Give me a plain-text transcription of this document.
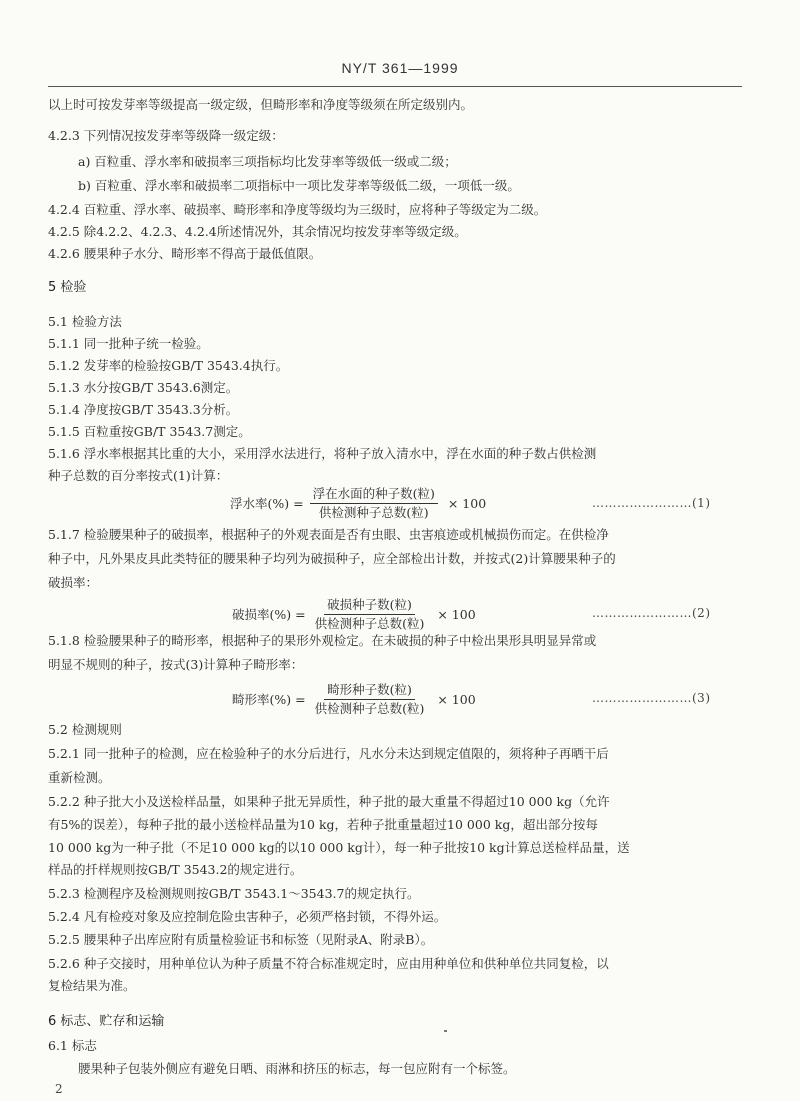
NY/T 361—1999
以上时可按发芽率等级提高一级定级，但畸形率和净度等级须在所定级别内。
4.2.3 下列情况按发芽率等级降一级定级：
a) 百粒重、浮水率和破损率三项指标均比发芽率等级低一级或二级；
b) 百粒重、浮水率和破损率二项指标中一项比发芽率等级低二级，一项低一级。
4.2.4 百粒重、浮水率、破损率、畸形率和净度等级均为三级时，应将种子等级定为二级。
4.2.5 除4.2.2、4.2.3、4.2.4所述情况外，其余情况均按发芽率等级定级。
4.2.6 腰果种子水分、畸形率不得高于最低值限。
5 检验
5.1 检验方法
5.1.1 同一批种子统一检验。
5.1.2 发芽率的检验按GB/T 3543.4执行。
5.1.3 水分按GB/T 3543.6测定。
5.1.4 净度按GB/T 3543.3分析。
5.1.5 百粒重按GB/T 3543.7测定。
5.1.6 浮水率根据其比重的大小，采用浮水法进行，将种子放入清水中，浮在水面的种子数占供检测
种子总数的百分率按式(1)计算：
浮水率(%) = $\frac{\text{浮在水面的种子数(粒)}}{\text{供检测种子总数(粒)}} \times 100$	……………………(1)
5.1.7 检验腰果种子的破损率，根据种子的外观表面是否有虫眼、虫害痕迹或机械损伤而定。在供检净
种子中，凡外果皮具此类特征的腰果种子均列为破损种子，应全部检出计数，并按式(2)计算腰果种子的
破损率：
破损率(%) = $\frac{\text{破损种子数(粒)}}{\text{供检测种子总数(粒)}} \times 100$	……………………(2)
5.1.8 检验腰果种子的畸形率，根据种子的果形外观检定。在未破损的种子中检出果形具明显异常或
明显不规则的种子，按式(3)计算种子畸形率：
畸形率(%) = $\frac{\text{畸形种子数(粒)}}{\text{供检测种子总数(粒)}} \times 100$	……………………(3)
5.2 检测规则
5.2.1 同一批种子的检测，应在检验种子的水分后进行，凡水分未达到规定值限的，须将种子再晒干后
重新检测。
5.2.2 种子批大小及送检样品量，如果种子批无异质性，种子批的最大重量不得超过10 000 kg（允许
有5%的误差），每种子批的最小送检样品量为10 kg，若种子批重量超过10 000 kg，超出部分按每
10 000 kg为一种子批（不足10 000 kg的以10 000 kg计），每一种子批按10 kg计算总送检样品量，送
样品的扦样规则按GB/T 3543.2的规定进行。
5.2.3 检测程序及检测规则按GB/T 3543.1～3543.7的规定执行。
5.2.4 凡有检疫对象及应控制危险虫害种子，必须严格封锁，不得外运。
5.2.5 腰果种子出库应附有质量检验证书和标签（见附录A、附录B）。
5.2.6 种子交接时，用种单位认为种子质量不符合标准规定时，应由用种单位和供种单位共同复检，以
复检结果为准。
6 标志、贮存和运输
6.1 标志
腰果种子包装外侧应有避免日晒、雨淋和挤压的标志，每一包应附有一个标签。
2
